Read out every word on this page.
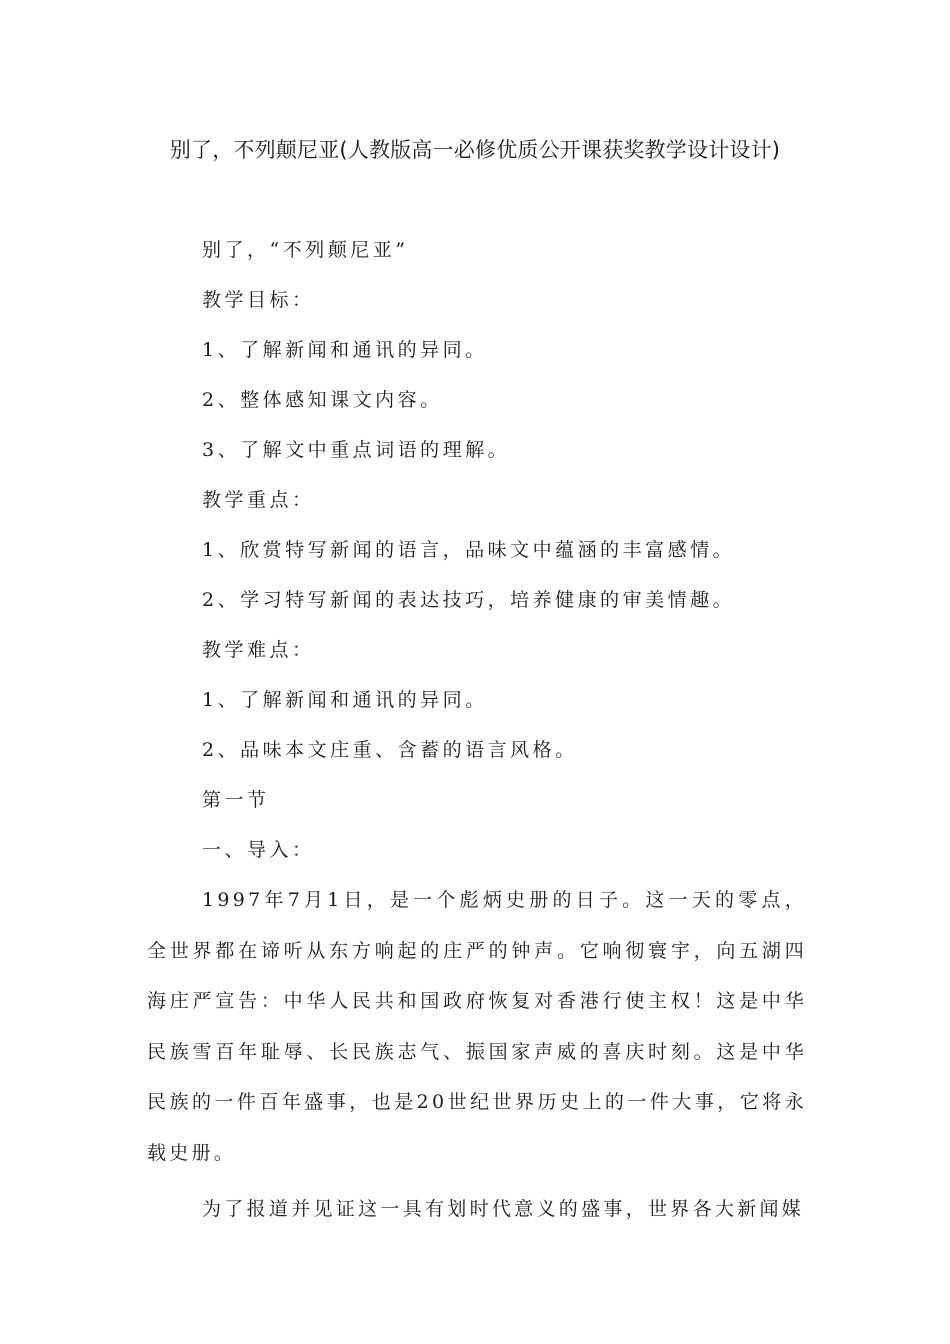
别了，不列颠尼亚(人教版高一必修优质公开课获奖教学设计设计)

别了，“不列颠尼亚”

教学目标：

1、了解新闻和通讯的异同。

2、整体感知课文内容。

3、了解文中重点词语的理解。

教学重点：

1、欣赏特写新闻的语言，品味文中蕴涵的丰富感情。

2、学习特写新闻的表达技巧，培养健康的审美情趣。

教学难点：

1、了解新闻和通讯的异同。

2、品味本文庄重、含蓄的语言风格。

第一节

一、导入：

1997年7月1日，是一个彪炳史册的日子。这一天的零点，全世界都在谛听从东方响起的庄严的钟声。它响彻寰宇，向五湖四海庄严宣告：中华人民共和国政府恢复对香港行使主权！这是中华民族雪百年耻辱、长民族志气、振国家声威的喜庆时刻。这是中华民族的一件百年盛事，也是20世纪世界历史上的一件大事，它将永载史册。

为了报道并见证这一具有划时代意义的盛事，世界各大新闻媒
